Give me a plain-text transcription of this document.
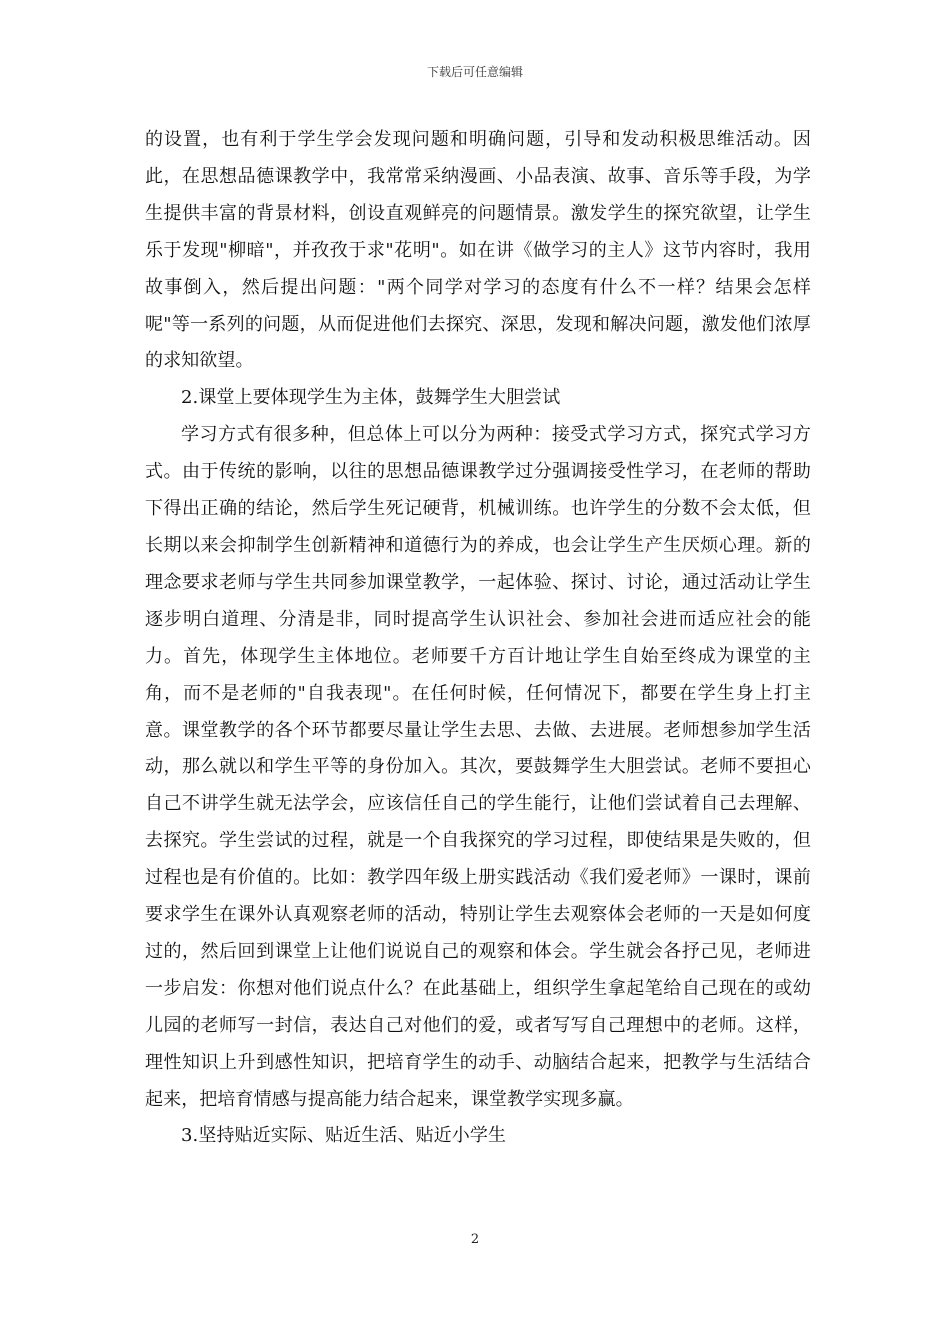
下载后可任意编辑

的设置，也有利于学生学会发现问题和明确问题，引导和发动积极思维活动。因此，在思想品德课教学中，我常常采纳漫画、小品表演、故事、音乐等手段，为学生提供丰富的背景材料，创设直观鲜亮的问题情景。激发学生的探究欲望，让学生乐于发现"柳暗"，并孜孜于求"花明"。如在讲《做学习的主人》这节内容时，我用故事倒入，然后提出问题："两个同学对学习的态度有什么不一样？结果会怎样呢"等一系列的问题，从而促进他们去探究、深思，发现和解决问题，激发他们浓厚的求知欲望。

2.课堂上要体现学生为主体，鼓舞学生大胆尝试

学习方式有很多种，但总体上可以分为两种：接受式学习方式，探究式学习方式。由于传统的影响，以往的思想品德课教学过分强调接受性学习，在老师的帮助下得出正确的结论，然后学生死记硬背，机械训练。也许学生的分数不会太低，但长期以来会抑制学生创新精神和道德行为的养成，也会让学生产生厌烦心理。新的理念要求老师与学生共同参加课堂教学，一起体验、探讨、讨论，通过活动让学生逐步明白道理、分清是非，同时提高学生认识社会、参加社会进而适应社会的能力。首先，体现学生主体地位。老师要千方百计地让学生自始至终成为课堂的主角，而不是老师的"自我表现"。在任何时候，任何情况下，都要在学生身上打主意。课堂教学的各个环节都要尽量让学生去思、去做、去进展。老师想参加学生活动，那么就以和学生平等的身份加入。其次，要鼓舞学生大胆尝试。老师不要担心自己不讲学生就无法学会，应该信任自己的学生能行，让他们尝试着自己去理解、去探究。学生尝试的过程，就是一个自我探究的学习过程，即使结果是失败的，但过程也是有价值的。比如：教学四年级上册实践活动《我们爱老师》一课时，课前要求学生在课外认真观察老师的活动，特别让学生去观察体会老师的一天是如何度过的，然后回到课堂上让他们说说自己的观察和体会。学生就会各抒己见，老师进一步启发：你想对他们说点什么？在此基础上，组织学生拿起笔给自己现在的或幼儿园的老师写一封信，表达自己对他们的爱，或者写写自己理想中的老师。这样，理性知识上升到感性知识，把培育学生的动手、动脑结合起来，把教学与生活结合起来，把培育情感与提高能力结合起来，课堂教学实现多赢。

3.坚持贴近实际、贴近生活、贴近小学生

2
